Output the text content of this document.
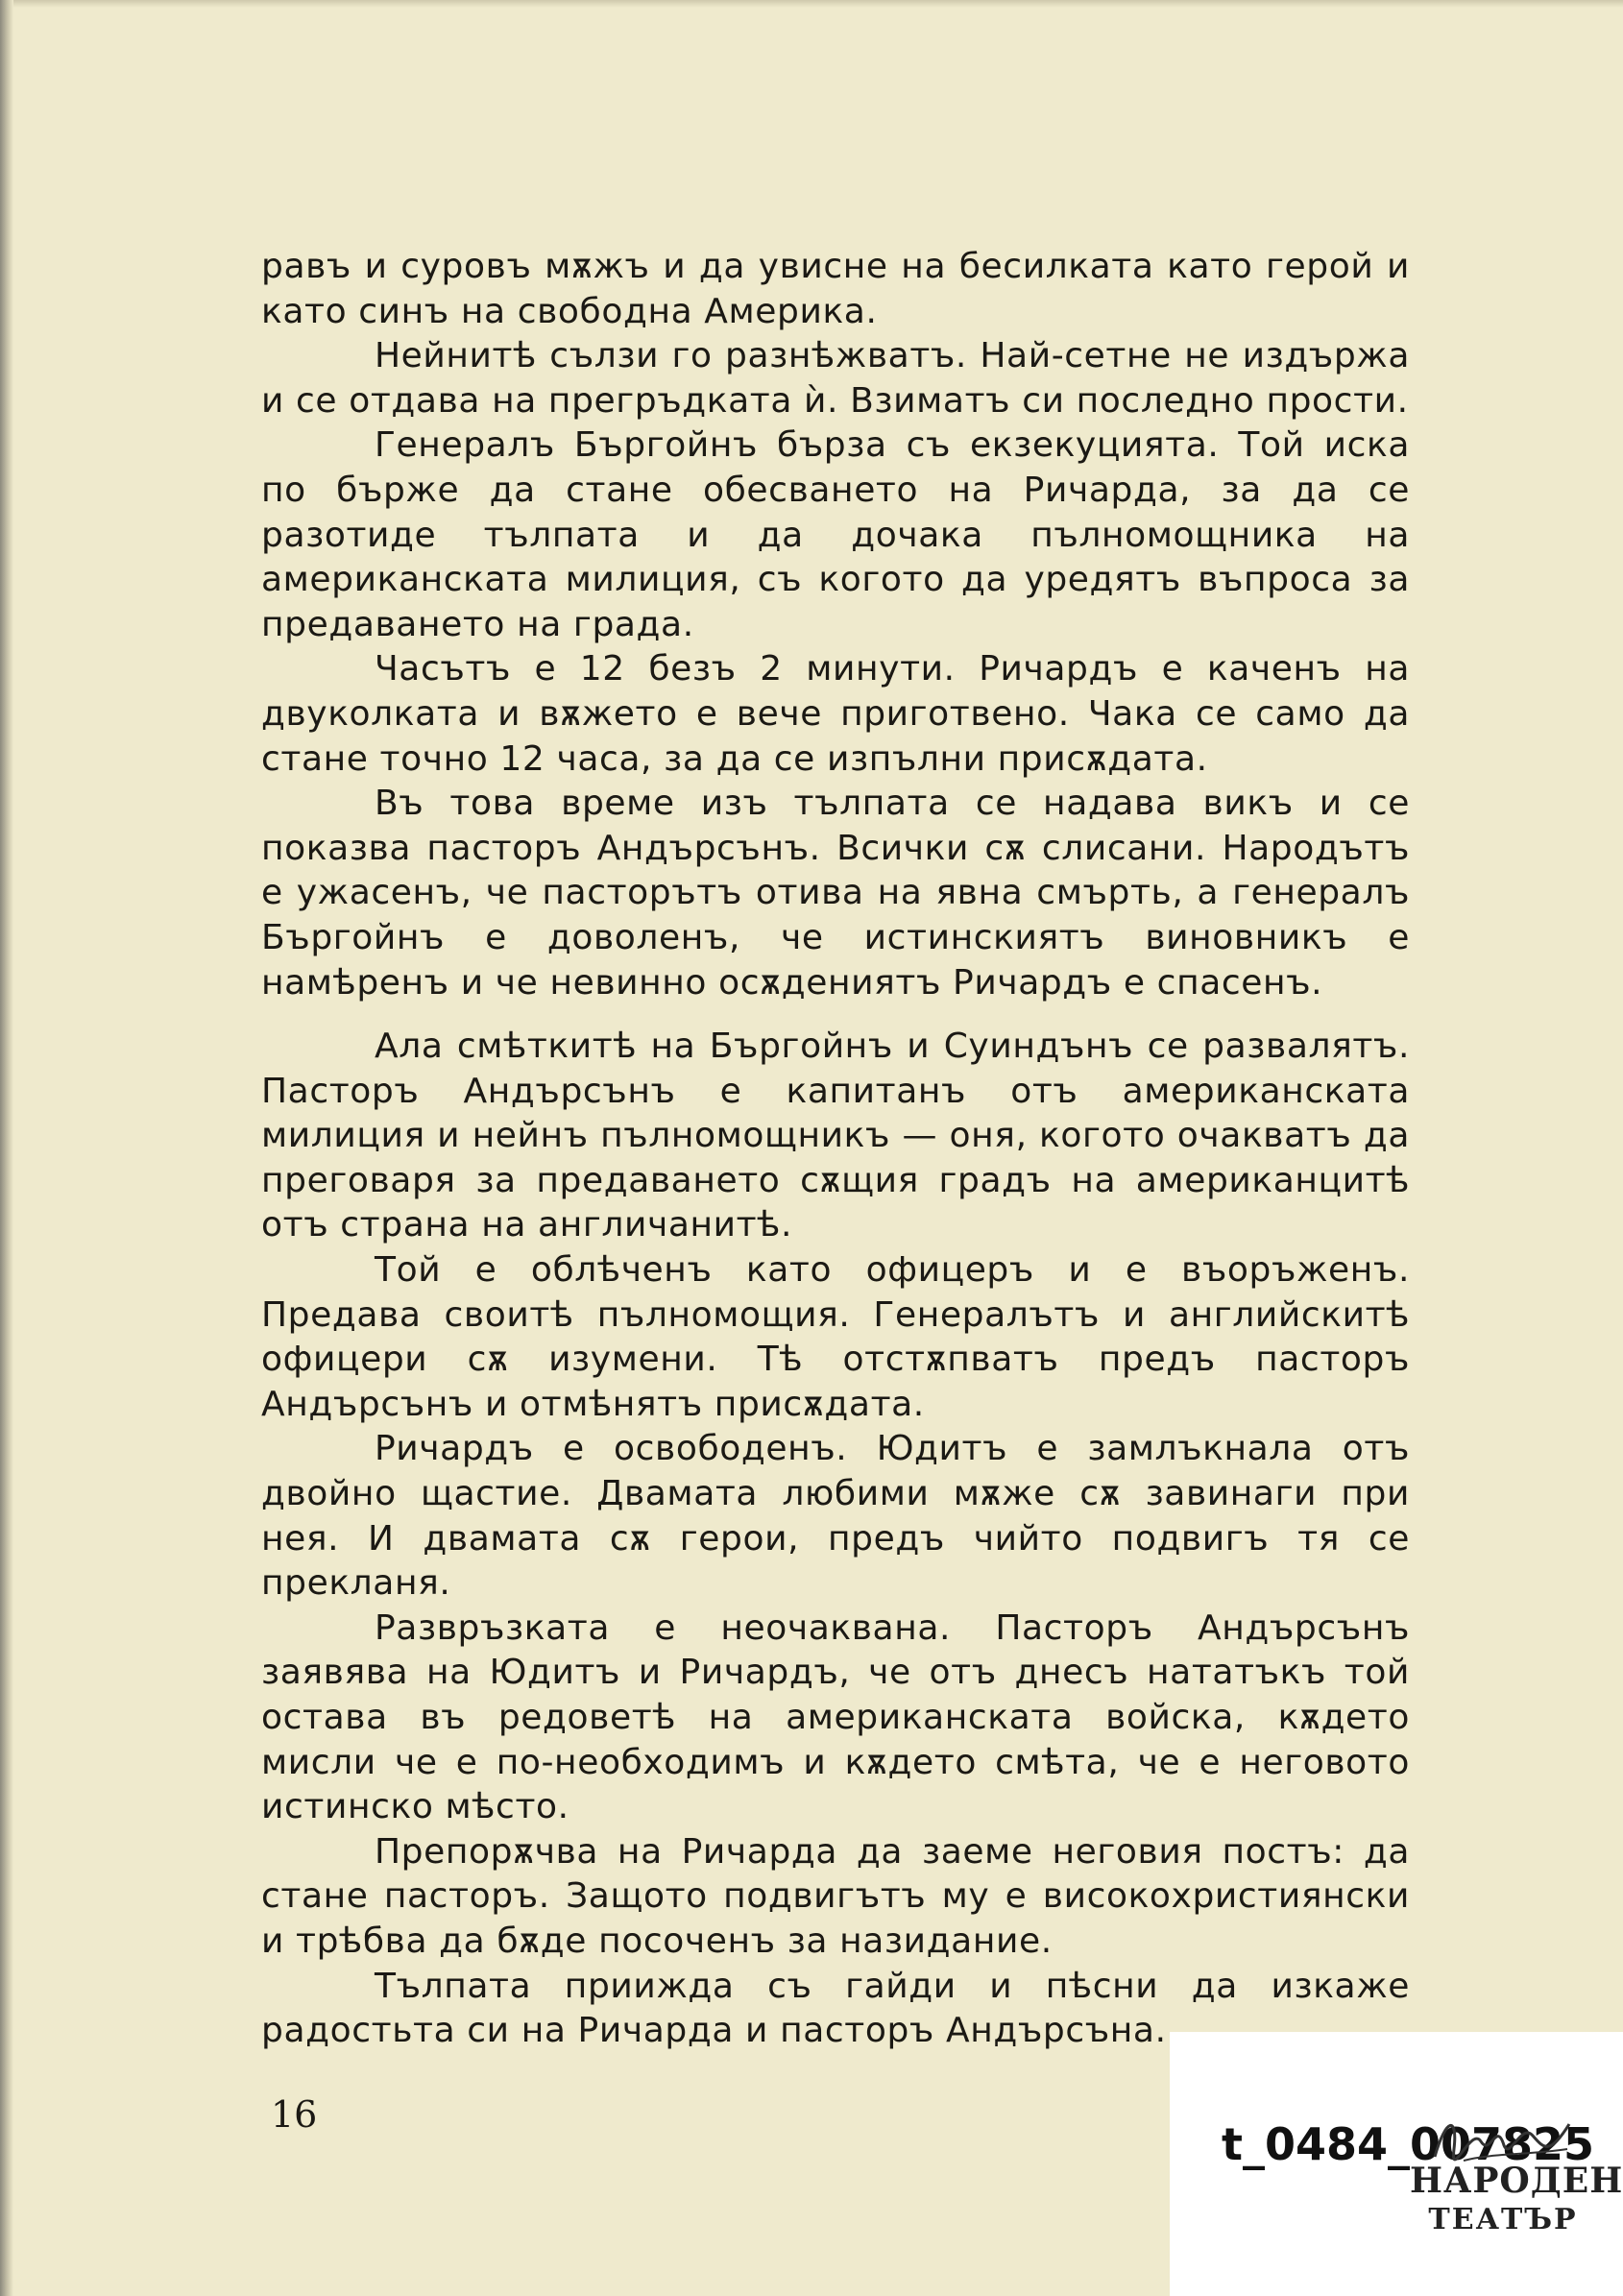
равъ и суровъ мѫжъ и да увисне на бесилката като герой и като синъ на свободна Америка.

Нейнитѣ сълзи го разнѣжватъ. Най-сетне не издържа и се отдава на прегръдката ѝ. Взиматъ си последно прости.

Генералъ Бъргойнъ бърза съ екзекуцията. Той иска по бърже да стане обесването на Ричарда, за да се разотиде тълпата и да дочака пълномощника на американската милиция, съ когото да уредятъ въпроса за предаването на града.

Часътъ е 12 безъ 2 минути. Ричардъ е каченъ на двуколката и вѫжето е вече приготвено. Чака се само да стане точно 12 часа, за да се изпълни присѫдата.

Въ това време изъ тълпата се надава викъ и се показва пасторъ Андърсънъ. Всички сѫ слисани. Народътъ е ужасенъ, че пасторътъ отива на явна смърть, а генералъ Бъргойнъ е доволенъ, че истинскиятъ виновникъ е намѣренъ и че невинно осѫдениятъ Ричардъ е спасенъ.

Ала смѣткитѣ на Бъргойнъ и Суиндънъ се развалятъ. Пасторъ Андърсънъ е капитанъ отъ американската милиция и нейнъ пълномощникъ — оня, когото очакватъ да преговаря за предаването сѫщия градъ на американцитѣ отъ страна на англичанитѣ.

Той е облѣченъ като офицеръ и е въоръженъ. Предава своитѣ пълномощия. Генералътъ и английскитѣ офицери сѫ изумени. Тѣ отстѫпватъ предъ пасторъ Андърсънъ и отмѣнятъ присѫдата.

Ричардъ е освободенъ. Юдитъ е замлъкнала отъ двойно щастие. Двамата любими мѫже сѫ завинаги при нея. И двамата сѫ герои, предъ чийто подвигъ тя се прекланя.

Развръзката е неочаквана. Пасторъ Андърсънъ заявява на Юдитъ и Ричардъ, че отъ днесъ нататъкъ той остава въ редоветѣ на американската войска, кѫдето мисли че е по-необходимъ и кѫдето смѣта, че е неговото истинско мѣсто.

Препорѫчва на Ричарда да заеме неговия постъ: да стане пасторъ. Защото подвигътъ му е високохристиянски и трѣбва да бѫде посоченъ за назидание.

Тълпата приижда съ гайди и пѣсни да изкаже радостьта си на Ричарда и пасторъ Андърсъна.

16
t_0484_007825
НАРОДЕН
ТЕАТЪР
